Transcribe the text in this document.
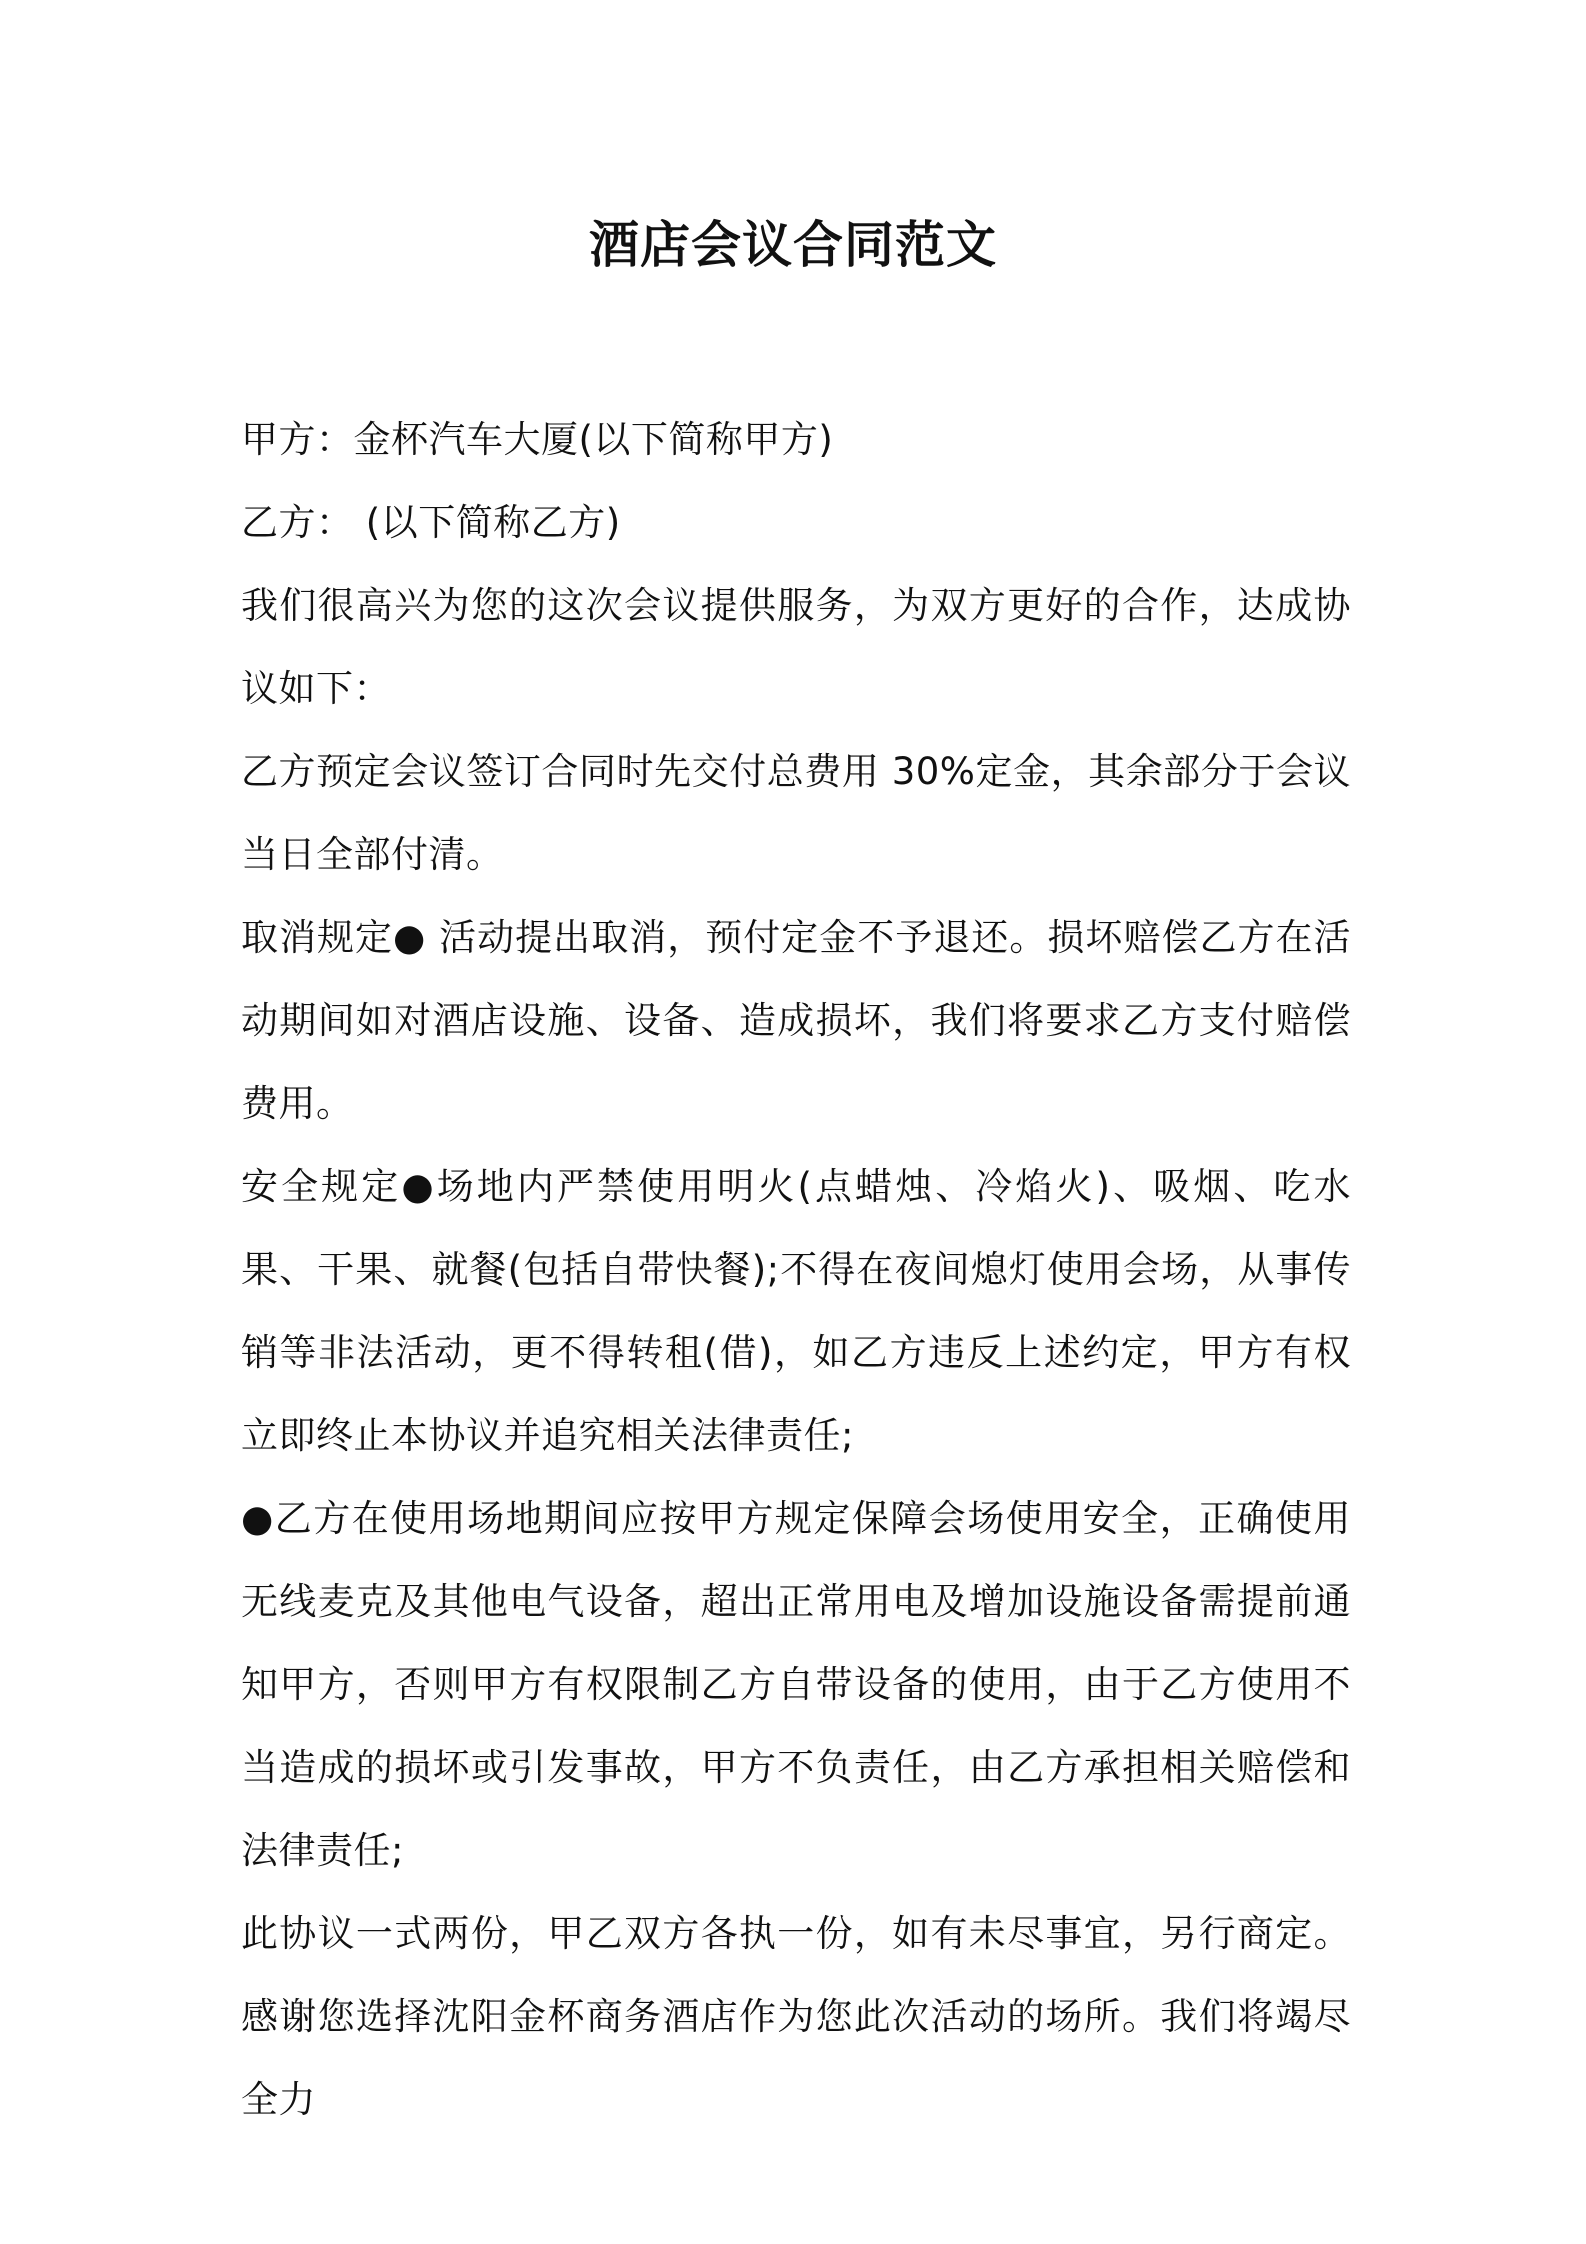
酒店会议合同范文

甲方：金杯汽车大厦(以下简称甲方)

乙方： (以下简称乙方)

我们很高兴为您的这次会议提供服务，为双方更好的合作，达成协议如下：

乙方预定会议签订合同时先交付总费用 30%定金，其余部分于会议当日全部付清。

取消规定● 活动提出取消，预付定金不予退还。损坏赔偿乙方在活动期间如对酒店设施、设备、造成损坏，我们将要求乙方支付赔偿费用。

安全规定●场地内严禁使用明火(点蜡烛、冷焰火)、吸烟、吃水果、干果、就餐(包括自带快餐);不得在夜间熄灯使用会场，从事传销等非法活动，更不得转租(借)，如乙方违反上述约定，甲方有权立即终止本协议并追究相关法律责任;

●乙方在使用场地期间应按甲方规定保障会场使用安全，正确使用无线麦克及其他电气设备，超出正常用电及增加设施设备需提前通知甲方，否则甲方有权限制乙方自带设备的使用，由于乙方使用不当造成的损坏或引发事故，甲方不负责任，由乙方承担相关赔偿和法律责任;

此协议一式两份，甲乙双方各执一份，如有未尽事宜，另行商定。感谢您选择沈阳金杯商务酒店作为您此次活动的场所。我们将竭尽全力
